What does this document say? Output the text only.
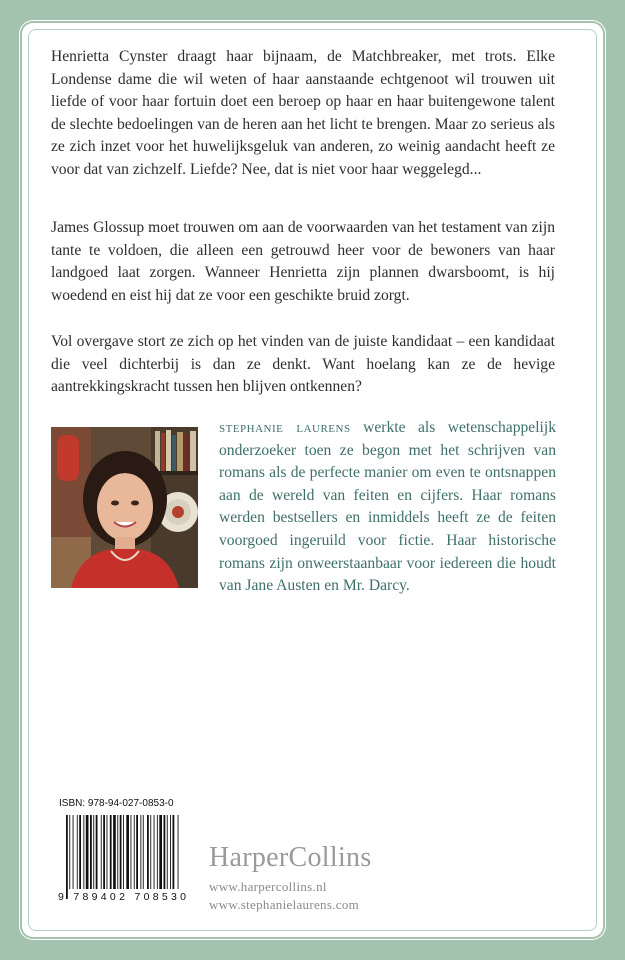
Henrietta Cynster draagt haar bijnaam, de Matchbreaker, met trots. Elke Londense dame die wil weten of haar aanstaande echtgenoot wil trouwen uit liefde of voor haar fortuin doet een beroep op haar en haar buitengewone talent de slechte bedoelingen van de heren aan het licht te brengen. Maar zo serieus als ze zich inzet voor het huwelijksgeluk van anderen, zo weinig aandacht heeft ze voor dat van zichzelf. Liefde? Nee, dat is niet voor haar weggelegd...

James Glossup moet trouwen om aan de voorwaarden van het testament van zijn tante te voldoen, die alleen een getrouwd heer voor de bewoners van haar landgoed laat zorgen. Wanneer Henrietta zijn plannen dwarsboomt, is hij woedend en eist hij dat ze voor een geschikte bruid zorgt.

Vol overgave stort ze zich op het vinden van de juiste kandidaat – een kandidaat die veel dichterbij is dan ze denkt. Want hoelang kan ze de hevige aantrekkingskracht tussen hen blijven ontkennen?

stephanie laurens werkte als wetenschappelijk onderzoeker toen ze begon met het schrijven van romans als de perfecte manier om even te ontsnappen aan de wereld van feiten en cijfers. Haar romans werden bestsellers en inmiddels heeft ze de feiten voorgoed ingeruild voor fictie. Haar historische romans zijn onweerstaanbaar voor iedereen die houdt van Jane Austen en Mr. Darcy.

ISBN: 978-94-027-0853-0
9 789402 708530
HarperCollins
www.harpercollins.nl
www.stephanielaurens.com
